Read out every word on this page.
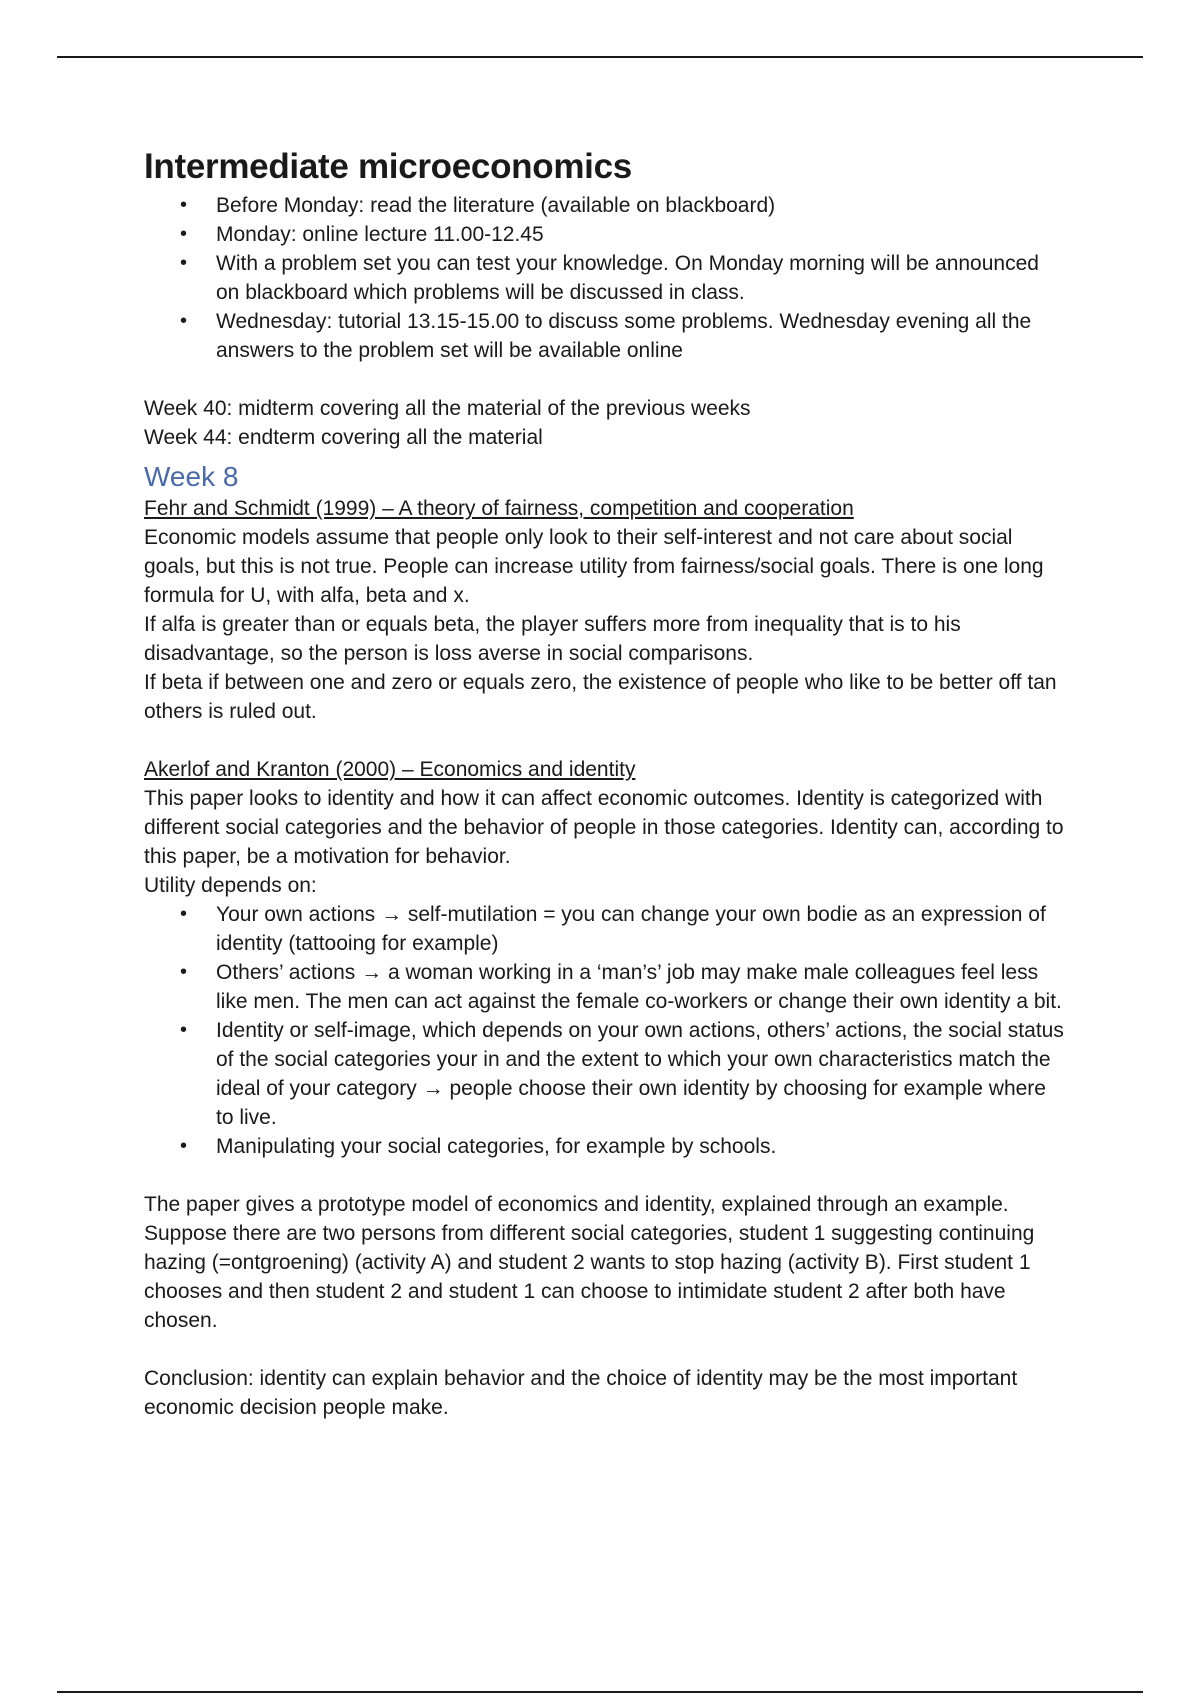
Intermediate microeconomics
• Before Monday: read the literature (available on blackboard)
• Monday: online lecture 11.00-12.45
• With a problem set you can test your knowledge. On Monday morning will be announced on blackboard which problems will be discussed in class.
• Wednesday: tutorial 13.15-15.00 to discuss some problems. Wednesday evening all the answers to the problem set will be available online

Week 40: midterm covering all the material of the previous weeks

Week 44: endterm covering all the material

Week 8

Fehr and Schmidt (1999) – A theory of fairness, competition and cooperation

Economic models assume that people only look to their self-interest and not care about social goals, but this is not true. People can increase utility from fairness/social goals. There is one long formula for U, with alfa, beta and x.

If alfa is greater than or equals beta, the player suffers more from inequality that is to his disadvantage, so the person is loss averse in social comparisons.

If beta if between one and zero or equals zero, the existence of people who like to be better off tan others is ruled out.

Akerlof and Kranton (2000) – Economics and identity

This paper looks to identity and how it can affect economic outcomes. Identity is categorized with different social categories and the behavior of people in those categories. Identity can, according to this paper, be a motivation for behavior.

Utility depends on:

• Your own actions → self-mutilation = you can change your own bodie as an expression of identity (tattooing for example)
• Others’ actions → a woman working in a ‘man’s’ job may make male colleagues feel less like men. The men can act against the female co-workers or change their own identity a bit.
• Identity or self-image, which depends on your own actions, others’ actions, the social status of the social categories your in and the extent to which your own characteristics match the ideal of your category → people choose their own identity by choosing for example where to live.
• Manipulating your social categories, for example by schools.

The paper gives a prototype model of economics and identity, explained through an example. Suppose there are two persons from different social categories, student 1 suggesting continuing hazing (=ontgroening) (activity A) and student 2 wants to stop hazing (activity B). First student 1 chooses and then student 2 and student 1 can choose to intimidate student 2 after both have chosen.

Conclusion: identity can explain behavior and the choice of identity may be the most important economic decision people make.
